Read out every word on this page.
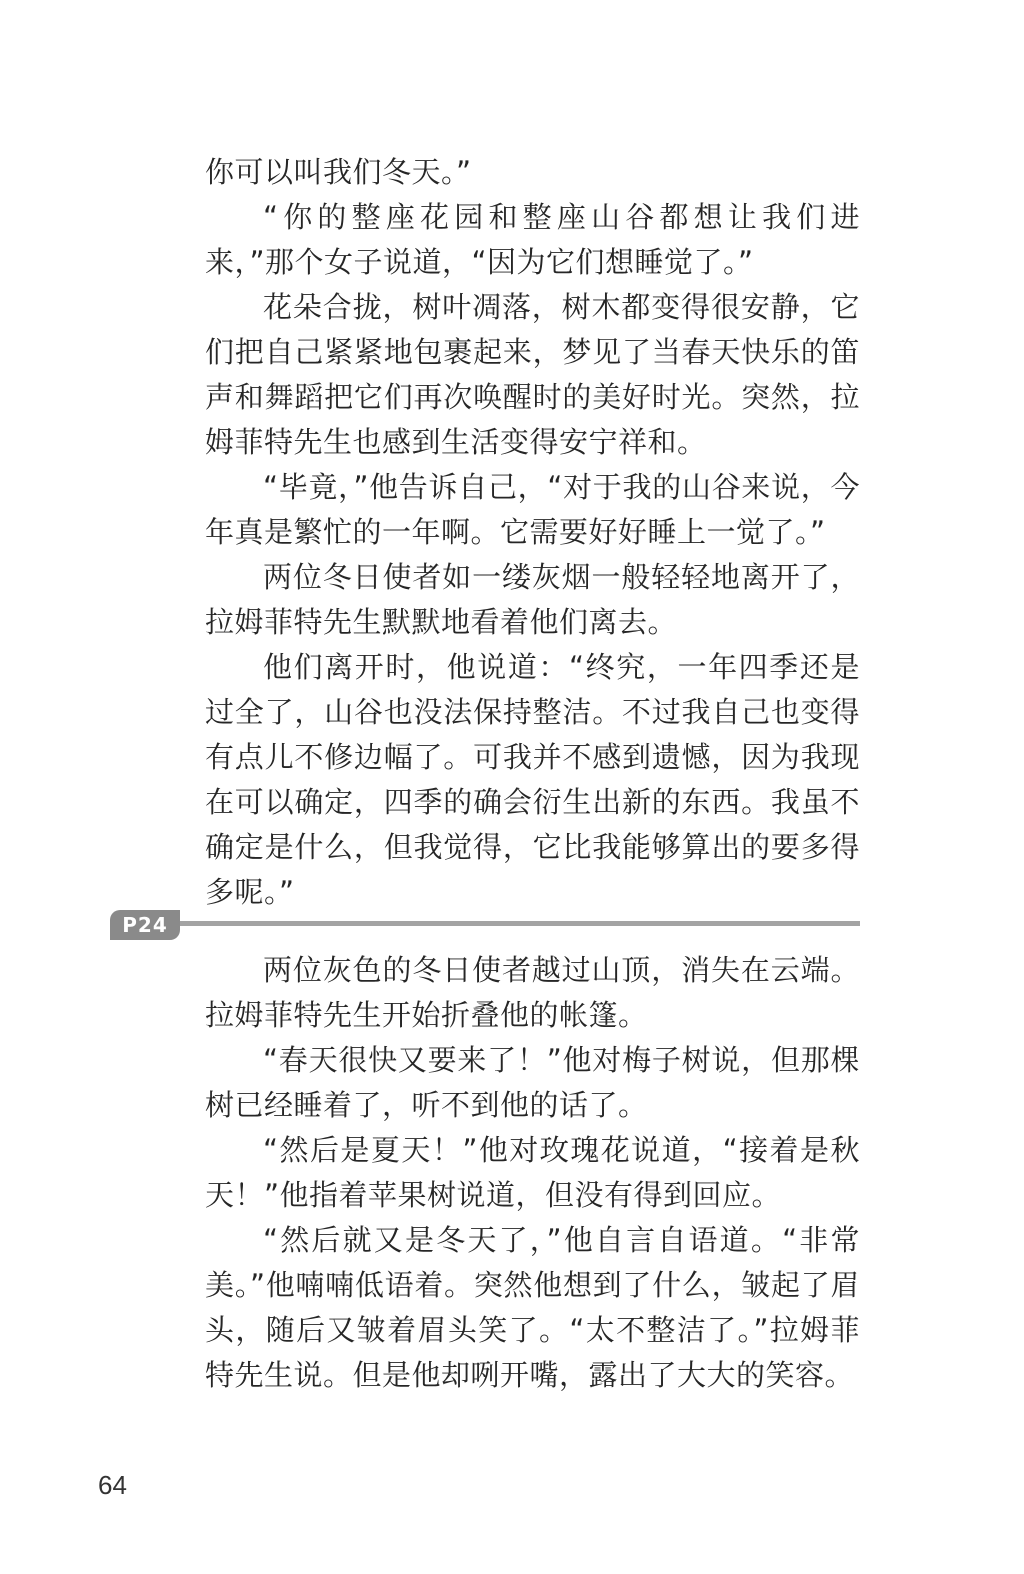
你可以叫我们冬天。”

“你的整座花园和整座山谷都想让我们进来，”那个女子说道，“因为它们想睡觉了。”

花朵合拢，树叶凋落，树木都变得很安静，它们把自己紧紧地包裹起来，梦见了当春天快乐的笛声和舞蹈把它们再次唤醒时的美好时光。突然，拉姆菲特先生也感到生活变得安宁祥和。

“毕竟，”他告诉自己，“对于我的山谷来说，今年真是繁忙的一年啊。它需要好好睡上一觉了。”

两位冬日使者如一缕灰烟一般轻轻地离开了，拉姆菲特先生默默地看着他们离去。

他们离开时，他说道：“终究，一年四季还是过全了，山谷也没法保持整洁。不过我自己也变得有点儿不修边幅了。可我并不感到遗憾，因为我现在可以确定，四季的确会衍生出新的东西。我虽不确定是什么，但我觉得，它比我能够算出的要多得多呢。”

P24

两位灰色的冬日使者越过山顶，消失在云端。拉姆菲特先生开始折叠他的帐篷。

“春天很快又要来了！”他对梅子树说，但那棵树已经睡着了，听不到他的话了。

“然后是夏天！”他对玫瑰花说道，“接着是秋天！”他指着苹果树说道，但没有得到回应。

“然后就又是冬天了，”他自言自语道。“非常美。”他喃喃低语着。突然他想到了什么，皱起了眉头，随后又皱着眉头笑了。“太不整洁了。”拉姆菲特先生说。但是他却咧开嘴，露出了大大的笑容。

64
